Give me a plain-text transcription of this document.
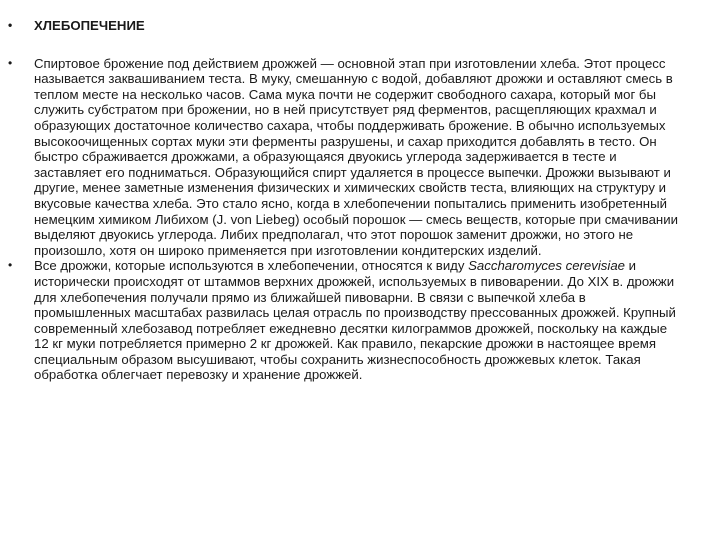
• ХЛЕБОПЕЧЕНИЕ
• Спиртовое брожение под действием дрожжей — основной этап при изготовлении хлеба. Этот процесс называется заквашиванием теста. В муку, смешанную с водой, добавляют дрожжи и оставляют смесь в теплом месте на несколько часов. Сама мука почти не содержит свободного сахара, который мог бы служить субстратом при брожении, но в ней присутствует ряд ферментов, расщепляющих крахмал и образующих достаточное количество сахара, чтобы поддерживать брожение. В обычно используемых высокоочищенных сортах муки эти ферменты разрушены, и сахар приходится добавлять в тесто. Он быстро сбраживается дрожжами, а образующаяся двуокись углерода задерживается в тесте и заставляет его подниматься. Образующийся спирт удаляется в процессе выпечки. Дрожжи вызывают и другие, менее заметные изменения физических и химических свойств теста, влияющих на структуру и вкусовые качества хлеба. Это стало ясно, когда в хлебопечении попытались применить изобретенный немецким химиком Либихом (J. von Liebeg) особый порошок — смесь веществ, которые при смачивании выделяют двуокись углерода. Либих предполагал, что этот порошок заменит дрожжи, но этого не произошло, хотя он широко применяется при изготовлении кондитерских изделий.

• Все дрожжи, которые используются в хлебопечении, относятся к виду Saccharomyces cerevisiae и исторически происходят от штаммов верхних дрожжей, используемых в пивоварении. До XIX в. дрожжи для хлебопечения получали прямо из ближайшей пивоварни. В связи с выпечкой хлеба в промышленных масштабах развилась целая отрасль по производству прессованных дрожжей. Крупный современный хлебозавод потребляет ежедневно десятки килограммов дрожжей, поскольку на каждые 12 кг муки потребляется примерно 2 кг дрожжей. Как правило, пекарские дрожжи в настоящее время специальным образом высушивают, чтобы сохранить жизнеспособность дрожжевых клеток. Такая обработка облегчает перевозку и хранение дрожжей.
